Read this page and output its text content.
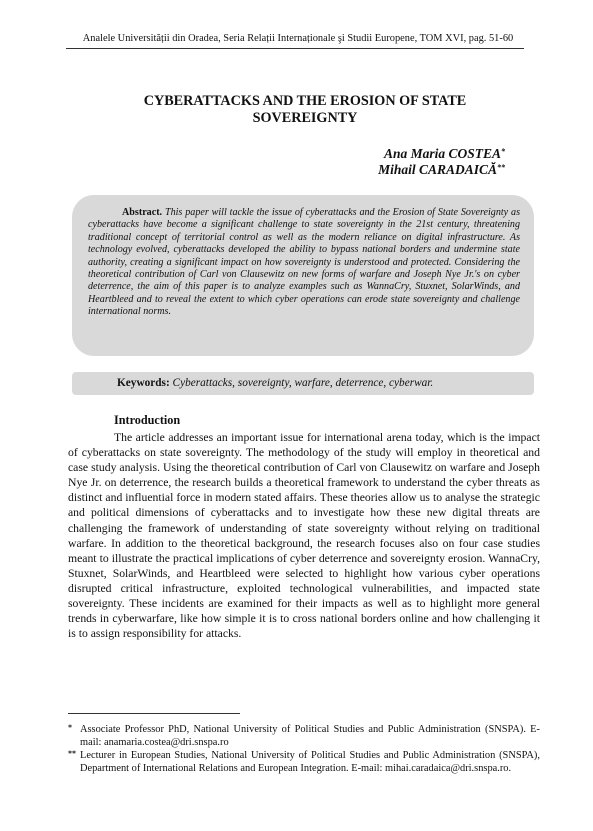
Analele Universității din Oradea, Seria Relații Internaționale şi Studii Europene, TOM XVI, pag. 51-60
CYBERATTACKS AND THE EROSION OF STATE
SOVEREIGNTY
Ana Maria COSTEA*
Mihail CARADAICĂ**
Abstract. This paper will tackle the issue of cyberattacks and the Erosion of State Sovereignty as cyberattacks have become a significant challenge to state sovereignty in the 21st century, threatening traditional concept of territorial control as well as the modern reliance on digital infrastructure. As technology evolved, cyberattacks developed the ability to bypass national borders and undermine state authority, creating a significant impact on how sovereignty is understood and protected. Considering the theoretical contribution of Carl von Clausewitz on new forms of warfare and Joseph Nye Jr.'s on cyber deterrence, the aim of this paper is to analyze examples such as WannaCry, Stuxnet, SolarWinds, and Heartbleed and to reveal the extent to which cyber operations can erode state sovereignty and challenge international norms.
Keywords: Cyberattacks, sovereignty, warfare, deterrence, cyberwar.
Introduction

The article addresses an important issue for international arena today, which is the impact of cyberattacks on state sovereignty. The methodology of the study will employ in theoretical and case study analysis. Using the theoretical contribution of Carl von Clausewitz on warfare and Joseph Nye Jr. on deterrence, the research builds a theoretical framework to understand the cyber threats as distinct and influential force in modern stated affairs. These theories allow us to analyse the strategic and political dimensions of cyberattacks and to investigate how these new digital threats are challenging the framework of understanding of state sovereignty without relying on traditional warfare. In addition to the theoretical background, the research focuses also on four case studies meant to illustrate the practical implications of cyber deterrence and sovereignty erosion. WannaCry, Stuxnet, SolarWinds, and Heartbleed were selected to highlight how various cyber operations disrupted critical infrastructure, exploited technological vulnerabilities, and impacted state sovereignty. These incidents are examined for their impacts as well as to highlight more general trends in cyberwarfare, like how simple it is to cross national borders online and how challenging it is to assign responsibility for attacks.

* Associate Professor PhD, National University of Political Studies and Public Administration (SNSPA). E-mail: anamaria.costea@dri.snspa.ro
** Lecturer in European Studies, National University of Political Studies and Public Administration (SNSPA), Department of International Relations and European Integration. E-mail: mihai.caradaica@dri.snspa.ro.
